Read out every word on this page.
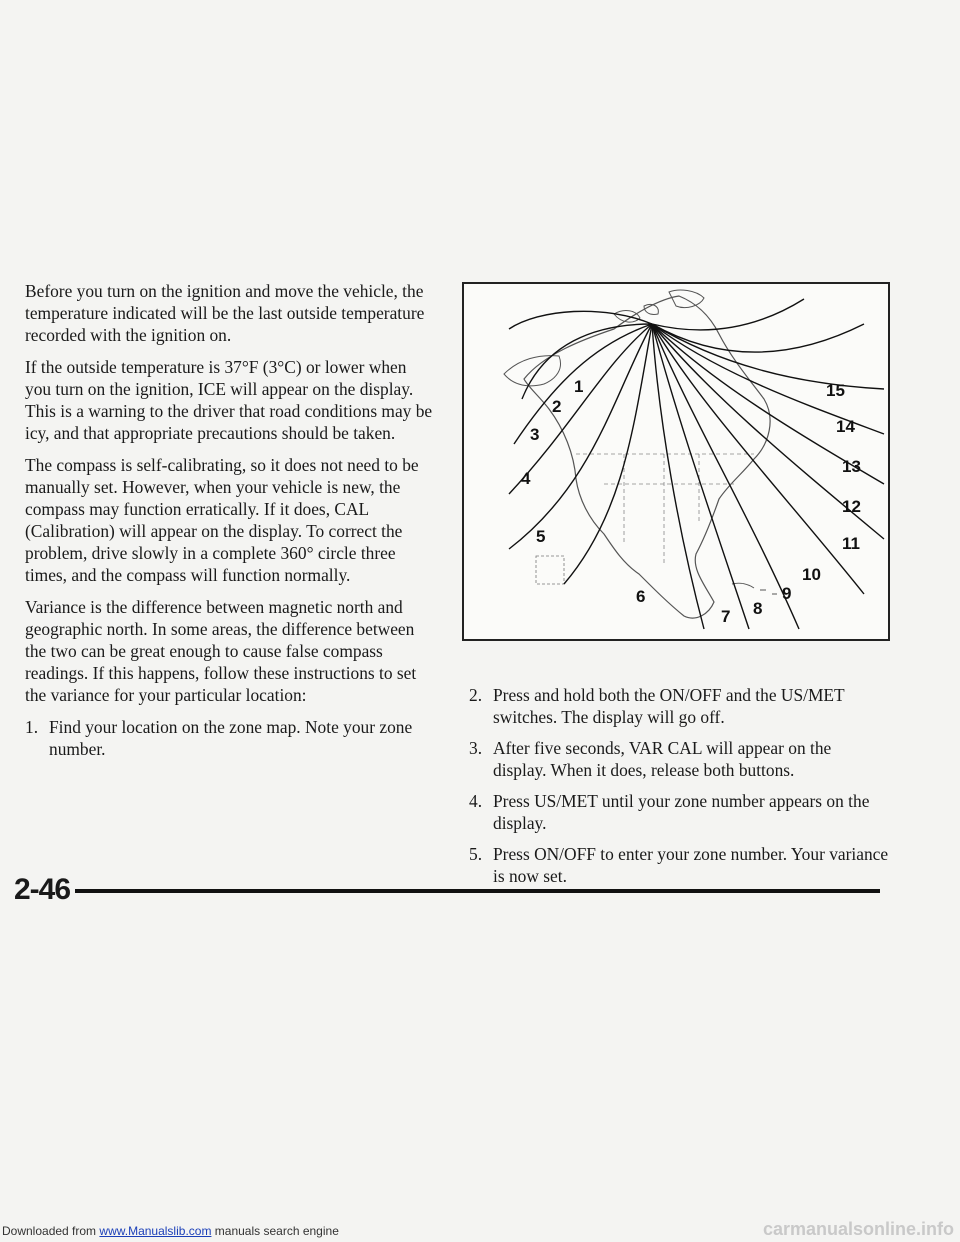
Before you turn on the ignition and move the vehicle, the temperature indicated will be the last outside temperature recorded with the ignition on.

If the outside temperature is 37°F (3°C) or lower when you turn on the ignition, ICE will appear on the display. This is a warning to the driver that road conditions may be icy, and that appropriate precautions should be taken.

The compass is self-calibrating, so it does not need to be manually set. However, when your vehicle is new, the compass may function erratically. If it does, CAL (Calibration) will appear on the display. To correct the problem, drive slowly in a complete 360° circle three times, and the compass will function normally.

Variance is the difference between magnetic north and geographic north. In some areas, the difference between the two can be great enough to cause false compass readings. If this happens, follow these instructions to set the variance for your particular location:

1. Find your location on the zone map. Note your zone number.
1
2
3
4
5
6
7 8
9
10
11
12
13
14
15
2. Press and hold both the ON/OFF and the US/MET switches. The display will go off.
3. After five seconds, VAR CAL will appear on the display. When it does, release both buttons.
4. Press US/MET until your zone number appears on the display.
5. Press ON/OFF to enter your zone number. Your variance is now set.
2-46
Downloaded from www.Manualslib.com manuals search engine	carmanualsonline.info
